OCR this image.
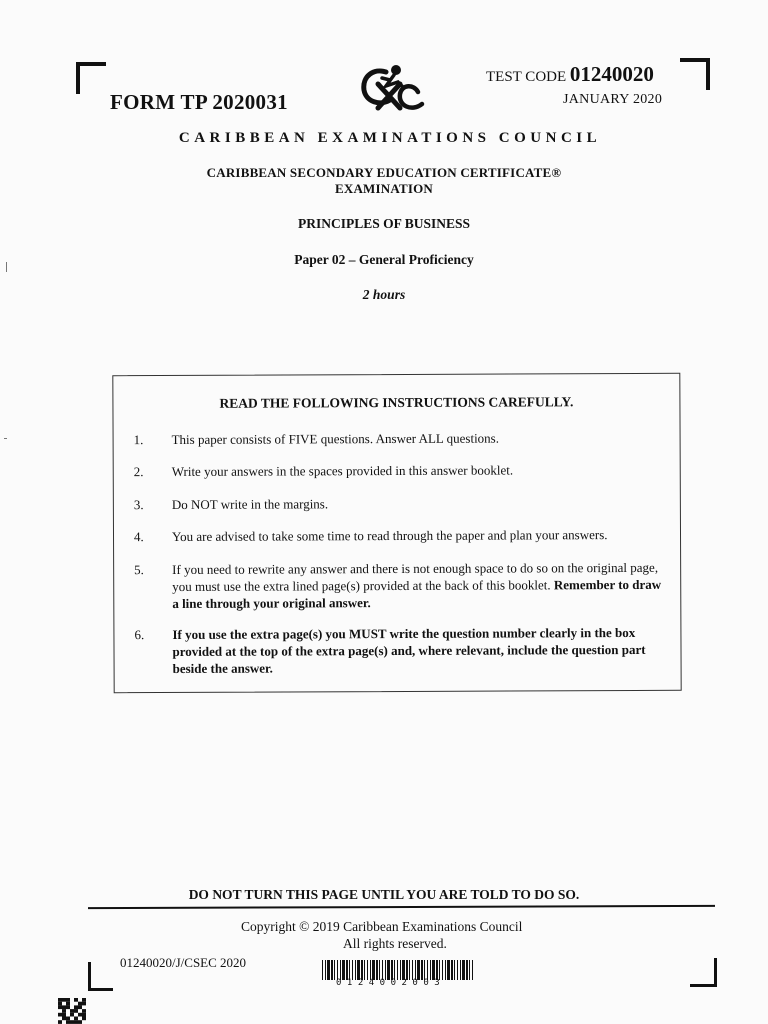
FORM TP 2020031
TEST CODE 01240020
JANUARY 2020
CARIBBEAN EXAMINATIONS COUNCIL
CARIBBEAN SECONDARY EDUCATION CERTIFICATE®
EXAMINATION
PRINCIPLES OF BUSINESS
Paper 02 – General Proficiency
2 hours
READ THE FOLLOWING INSTRUCTIONS CAREFULLY.
1.	This paper consists of FIVE questions. Answer ALL questions.
2.	Write your answers in the spaces provided in this answer booklet.
3.	Do NOT write in the margins.
4.	You are advised to take some time to read through the paper and plan your answers.
5.	If you need to rewrite any answer and there is not enough space to do so on the original page, you must use the extra lined page(s) provided at the back of this booklet. Remember to draw a line through your original answer.
6.	If you use the extra page(s) you MUST write the question number clearly in the box provided at the top of the extra page(s) and, where relevant, include the question part beside the answer.
DO NOT TURN THIS PAGE UNTIL YOU ARE TOLD TO DO SO.
Copyright © 2019 Caribbean Examinations Council
All rights reserved.
01240020/J/CSEC 2020
0124002003
